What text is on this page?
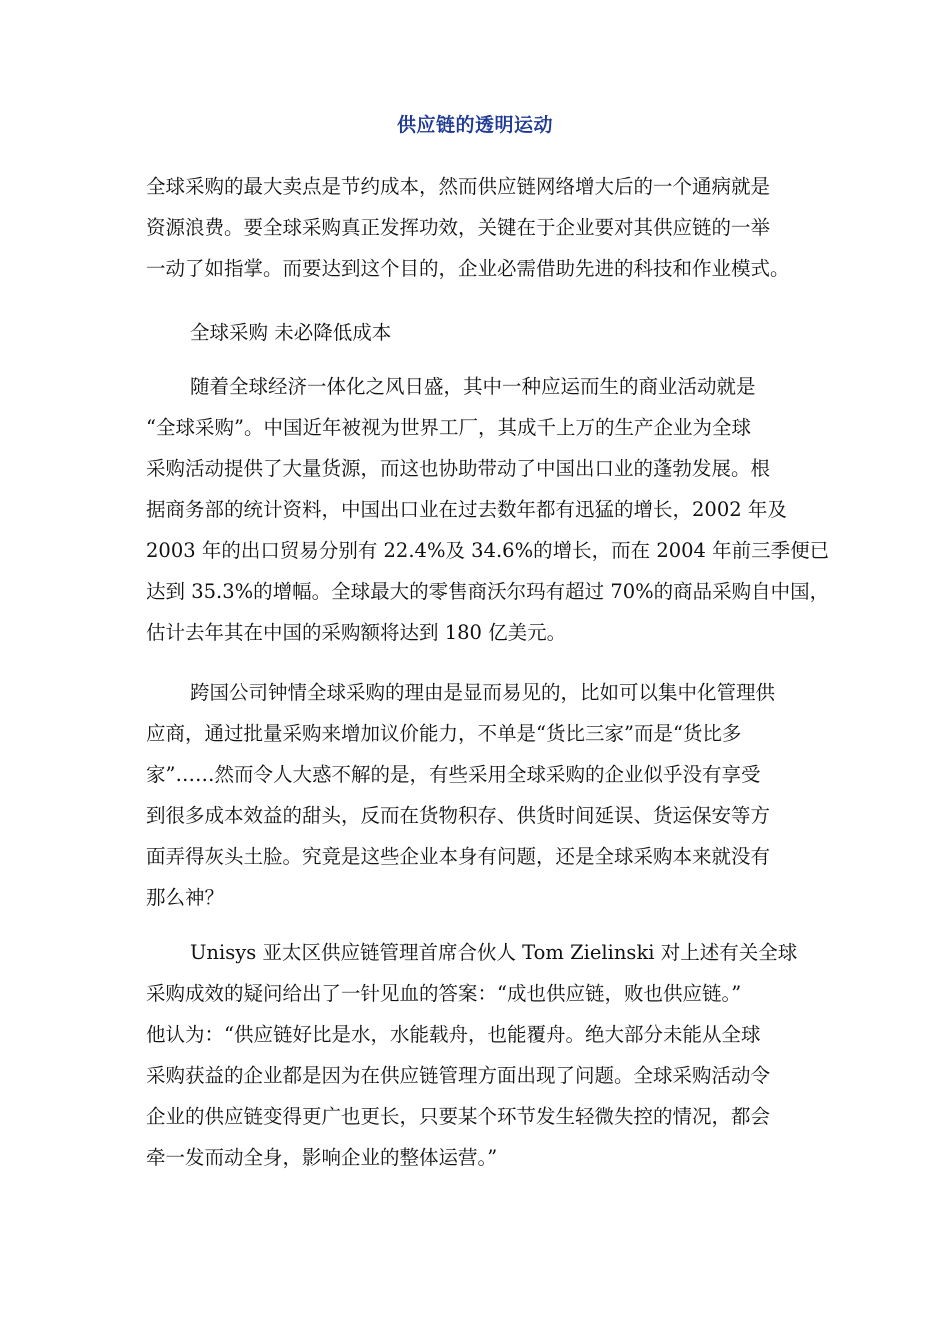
供应链的透明运动
全球采购的最大卖点是节约成本，然而供应链网络增大后的一个通病就是
资源浪费。要全球采购真正发挥功效，关键在于企业要对其供应链的一举
一动了如指掌。而要达到这个目的，企业必需借助先进的科技和作业模式。
全球采购 未必降低成本
随着全球经济一体化之风日盛，其中一种应运而生的商业活动就是
“全球采购”。中国近年被视为世界工厂，其成千上万的生产企业为全球
采购活动提供了大量货源，而这也协助带动了中国出口业的蓬勃发展。根
据商务部的统计资料，中国出口业在过去数年都有迅猛的增长，2002 年及
2003 年的出口贸易分别有 22.4%及 34.6%的增长，而在 2004 年前三季便已
达到 35.3%的增幅。全球最大的零售商沃尔玛有超过 70%的商品采购自中国，
估计去年其在中国的采购额将达到 180 亿美元。
跨国公司钟情全球采购的理由是显而易见的，比如可以集中化管理供
应商，通过批量采购来增加议价能力，不单是“货比三家”而是“货比多
家”……然而令人大惑不解的是，有些采用全球采购的企业似乎没有享受
到很多成本效益的甜头，反而在货物积存、供货时间延误、货运保安等方
面弄得灰头土脸。究竟是这些企业本身有问题，还是全球采购本来就没有
那么神？
Unisys 亚太区供应链管理首席合伙人 Tom Zielinski 对上述有关全球
采购成效的疑问给出了一针见血的答案：“成也供应链，败也供应链。”
他认为：“供应链好比是水，水能载舟，也能覆舟。绝大部分未能从全球
采购获益的企业都是因为在供应链管理方面出现了问题。全球采购活动令
企业的供应链变得更广也更长，只要某个环节发生轻微失控的情况，都会
牵一发而动全身，影响企业的整体运营。”
